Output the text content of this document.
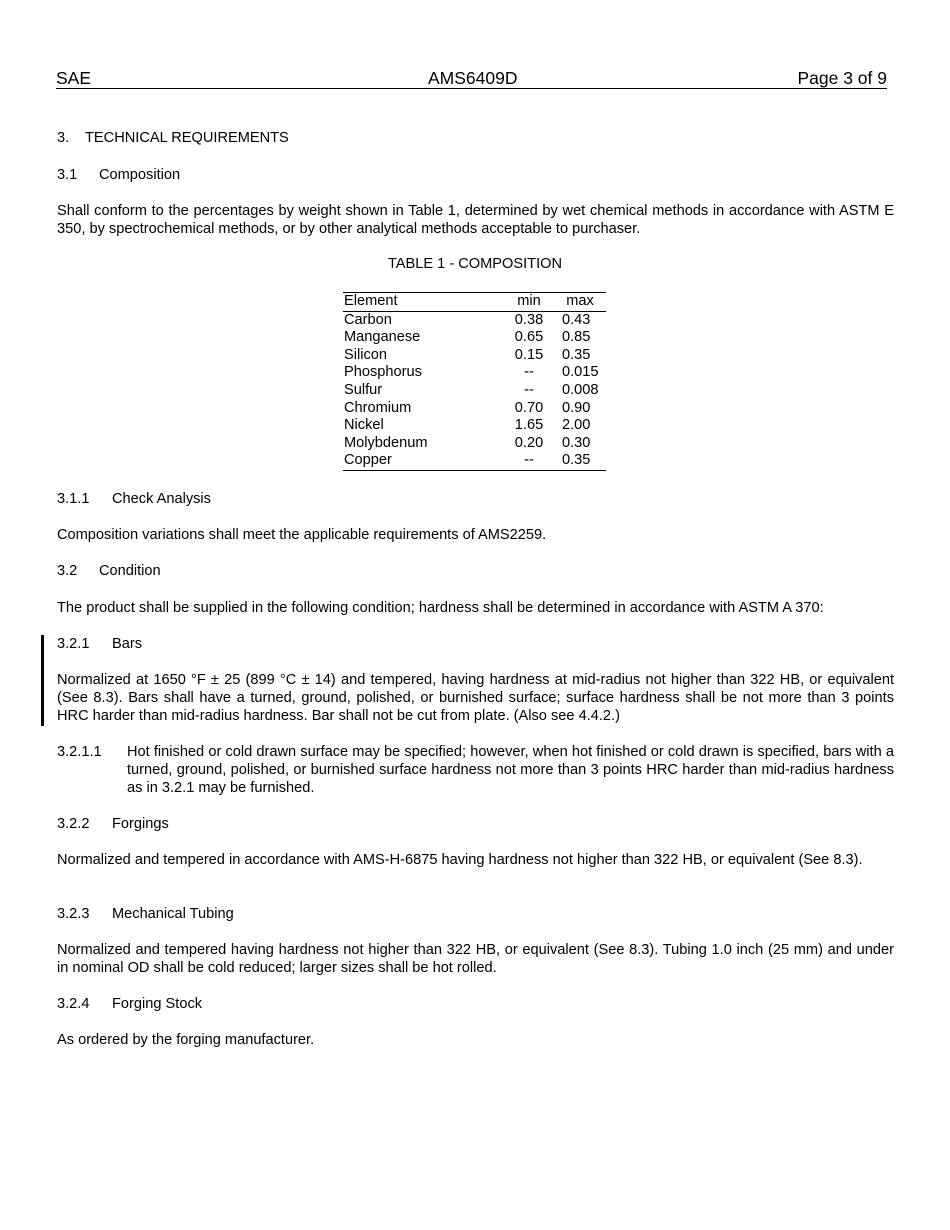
SAE	AMS6409D	Page 3 of 9

3. TECHNICAL REQUIREMENTS

3.1 Composition

Shall conform to the percentages by weight shown in Table 1, determined by wet chemical methods in accordance with ASTM E 350, by spectrochemical methods, or by other analytical methods acceptable to purchaser.

TABLE 1 - COMPOSITION
Element	min	max
Carbon	0.38	0.43
Manganese	0.65	0.85
Silicon	0.15	0.35
Phosphorus	--	0.015
Sulfur	--	0.008
Chromium	0.70	0.90
Nickel	1.65	2.00
Molybdenum	0.20	0.30
Copper	--	0.35

3.1.1 Check Analysis

Composition variations shall meet the applicable requirements of AMS2259.

3.2 Condition

The product shall be supplied in the following condition; hardness shall be determined in accordance with ASTM A 370:

3.2.1 Bars

Normalized at 1650 °F ± 25 (899 °C ± 14) and tempered, having hardness at mid-radius not higher than 322 HB, or equivalent (See 8.3). Bars shall have a turned, ground, polished, or burnished surface; surface hardness shall be not more than 3 points HRC harder than mid-radius hardness. Bar shall not be cut from plate. (Also see 4.4.2.)

3.2.1.1 Hot finished or cold drawn surface may be specified; however, when hot finished or cold drawn is specified, bars with a turned, ground, polished, or burnished surface hardness not more than 3 points HRC harder than mid-radius hardness as in 3.2.1 may be furnished.

3.2.2 Forgings

Normalized and tempered in accordance with AMS-H-6875 having hardness not higher than 322 HB, or equivalent (See 8.3).

3.2.3 Mechanical Tubing

Normalized and tempered having hardness not higher than 322 HB, or equivalent (See 8.3). Tubing 1.0 inch (25 mm) and under in nominal OD shall be cold reduced; larger sizes shall be hot rolled.

3.2.4 Forging Stock

As ordered by the forging manufacturer.
